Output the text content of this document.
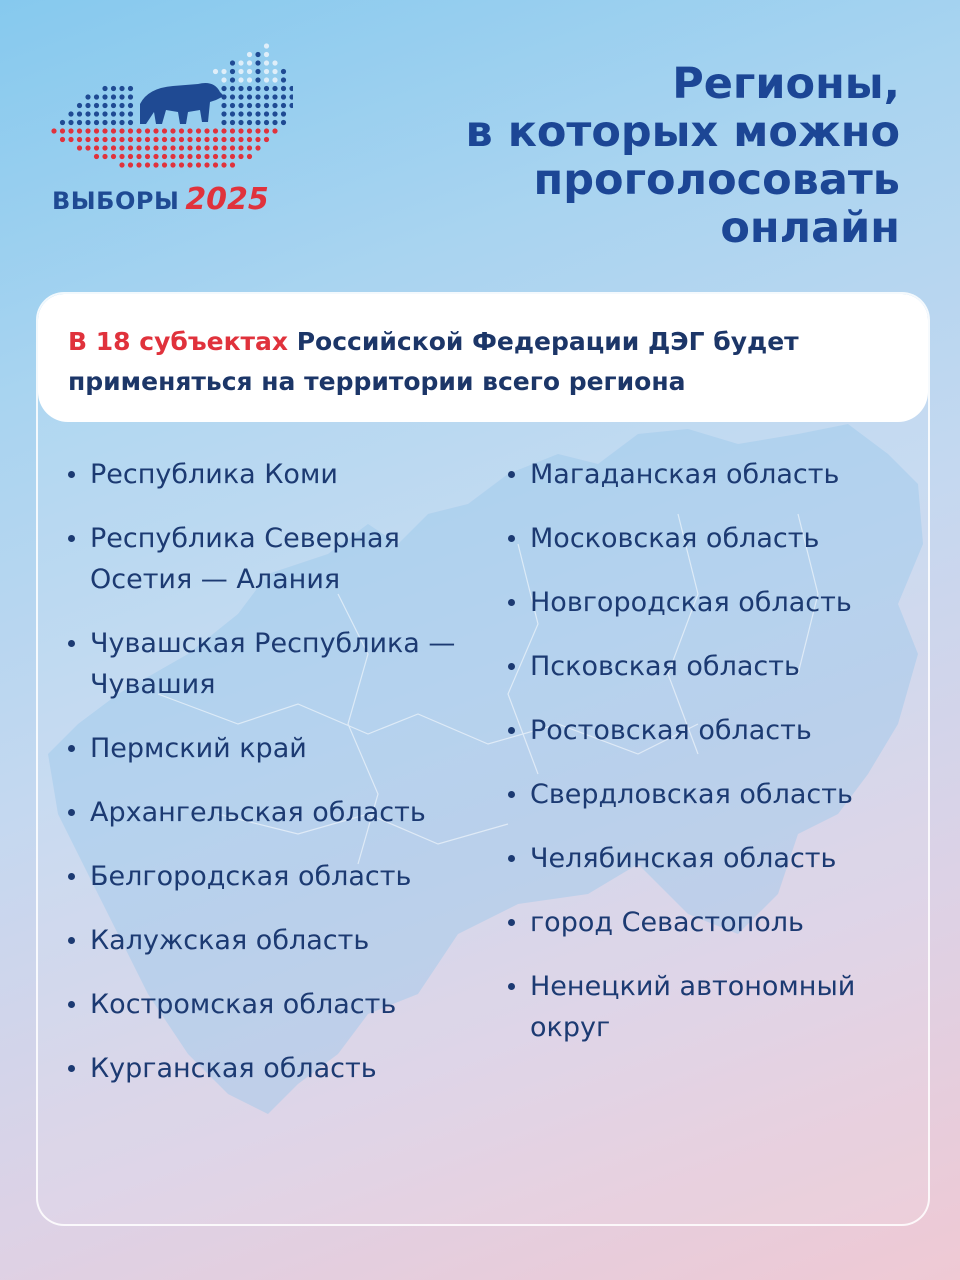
ВЫБОРЫ 2025
Регионы,
в которых можно
проголосовать
онлайн
В 18 субъектах Российской Федерации ДЭГ будет применяться на территории всего региона
Республика Коми
Республика Северная Осетия — Алания
Чувашская Республика — Чувашия
Пермский край
Архангельская область
Белгородская область
Калужская область
Костромская область
Курганская область
Магаданская область
Московская область
Новгородская область
Псковская область
Ростовская область
Свердловская область
Челябинская область
город Севастополь
Ненецкий автономный округ
